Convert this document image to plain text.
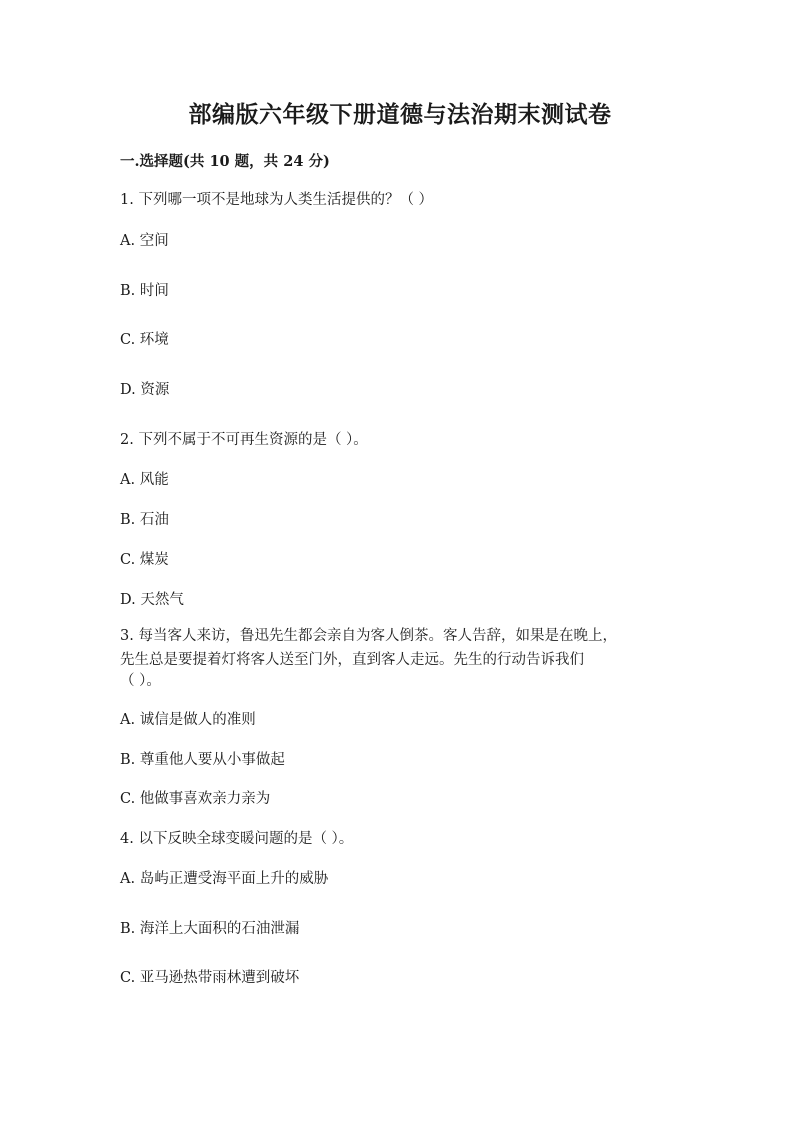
部编版六年级下册道德与法治期末测试卷
一.选择题(共 10 题，共 24 分)
1. 下列哪一项不是地球为人类生活提供的？（ ）
A. 空间
B. 时间
C. 环境
D. 资源
2. 下列不属于不可再生资源的是（ ）。
A. 风能
B. 石油
C. 煤炭
D. 天然气
3. 每当客人来访，鲁迅先生都会亲自为客人倒茶。客人告辞，如果是在晚上，
先生总是要提着灯将客人送至门外，直到客人走远。先生的行动告诉我们
（ ）。
A. 诚信是做人的准则
B. 尊重他人要从小事做起
C. 他做事喜欢亲力亲为
4. 以下反映全球变暖问题的是（ ）。
A. 岛屿正遭受海平面上升的威胁
B. 海洋上大面积的石油泄漏
C. 亚马逊热带雨林遭到破坏
